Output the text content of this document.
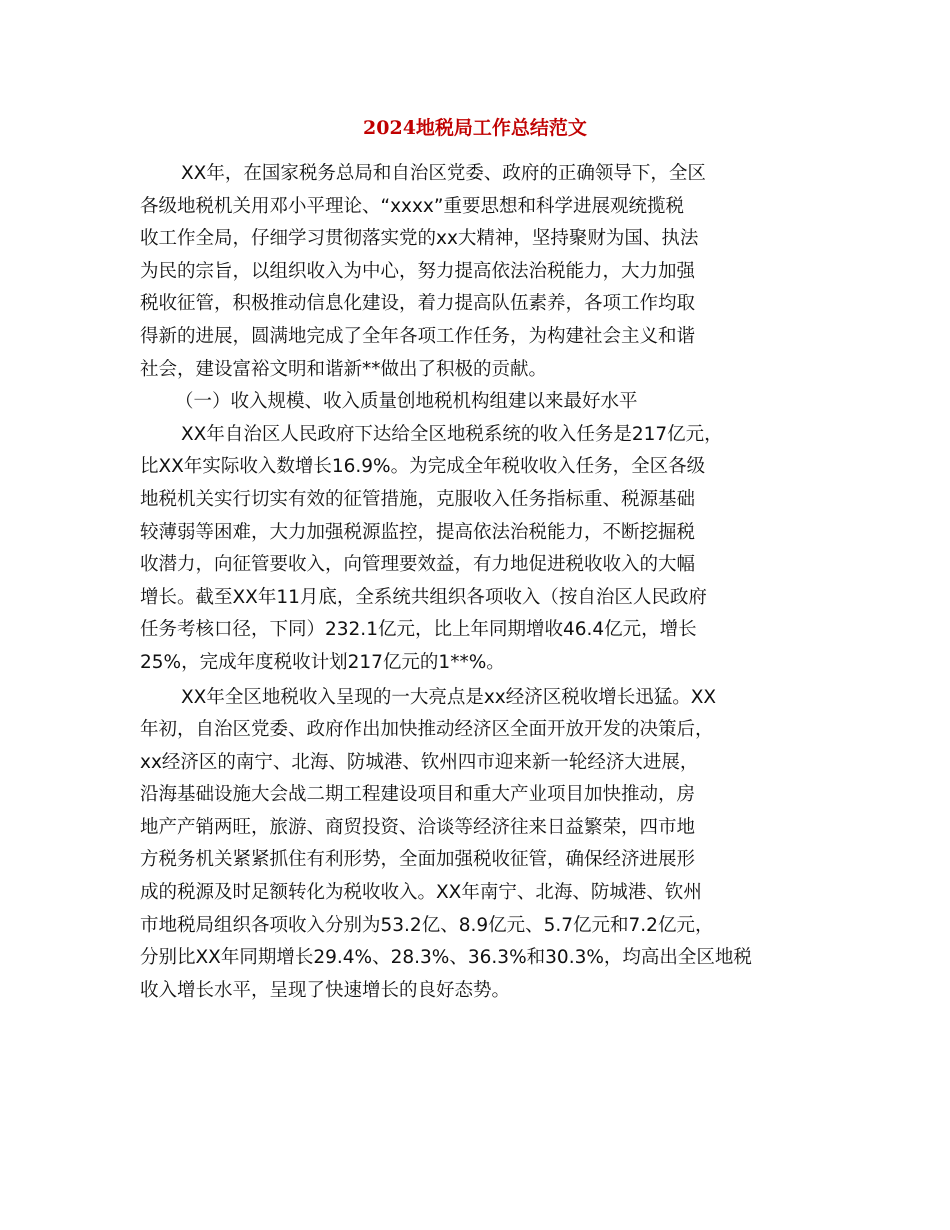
2024地税局工作总结范文
XX年，在国家税务总局和自治区党委、政府的正确领导下，全区
各级地税机关用邓小平理论、“xxxx”重要思想和科学进展观统揽税
收工作全局，仔细学习贯彻落实党的xx大精神，坚持聚财为国、执法
为民的宗旨，以组织收入为中心，努力提高依法治税能力，大力加强
税收征管，积极推动信息化建设，着力提高队伍素养，各项工作均取
得新的进展，圆满地完成了全年各项工作任务，为构建社会主义和谐
社会，建设富裕文明和谐新**做出了积极的贡献。
（一）收入规模、收入质量创地税机构组建以来最好水平
XX年自治区人民政府下达给全区地税系统的收入任务是217亿元，
比XX年实际收入数增长16.9%。为完成全年税收收入任务，全区各级
地税机关实行切实有效的征管措施，克服收入任务指标重、税源基础
较薄弱等困难，大力加强税源监控，提高依法治税能力，不断挖掘税
收潜力，向征管要收入，向管理要效益，有力地促进税收收入的大幅
增长。截至XX年11月底，全系统共组织各项收入（按自治区人民政府
任务考核口径，下同）232.1亿元，比上年同期增收46.4亿元，增长
25%，完成年度税收计划217亿元的1**%。
XX年全区地税收入呈现的一大亮点是xx经济区税收增长迅猛。XX
年初，自治区党委、政府作出加快推动经济区全面开放开发的决策后，
xx经济区的南宁、北海、防城港、钦州四市迎来新一轮经济大进展，
沿海基础设施大会战二期工程建设项目和重大产业项目加快推动，房
地产产销两旺，旅游、商贸投资、洽谈等经济往来日益繁荣，四市地
方税务机关紧紧抓住有利形势，全面加强税收征管，确保经济进展形
成的税源及时足额转化为税收收入。XX年南宁、北海、防城港、钦州
市地税局组织各项收入分别为53.2亿、8.9亿元、5.7亿元和7.2亿元，
分别比XX年同期增长29.4%、28.3%、36.3%和30.3%，均高出全区地税
收入增长水平，呈现了快速增长的良好态势。
